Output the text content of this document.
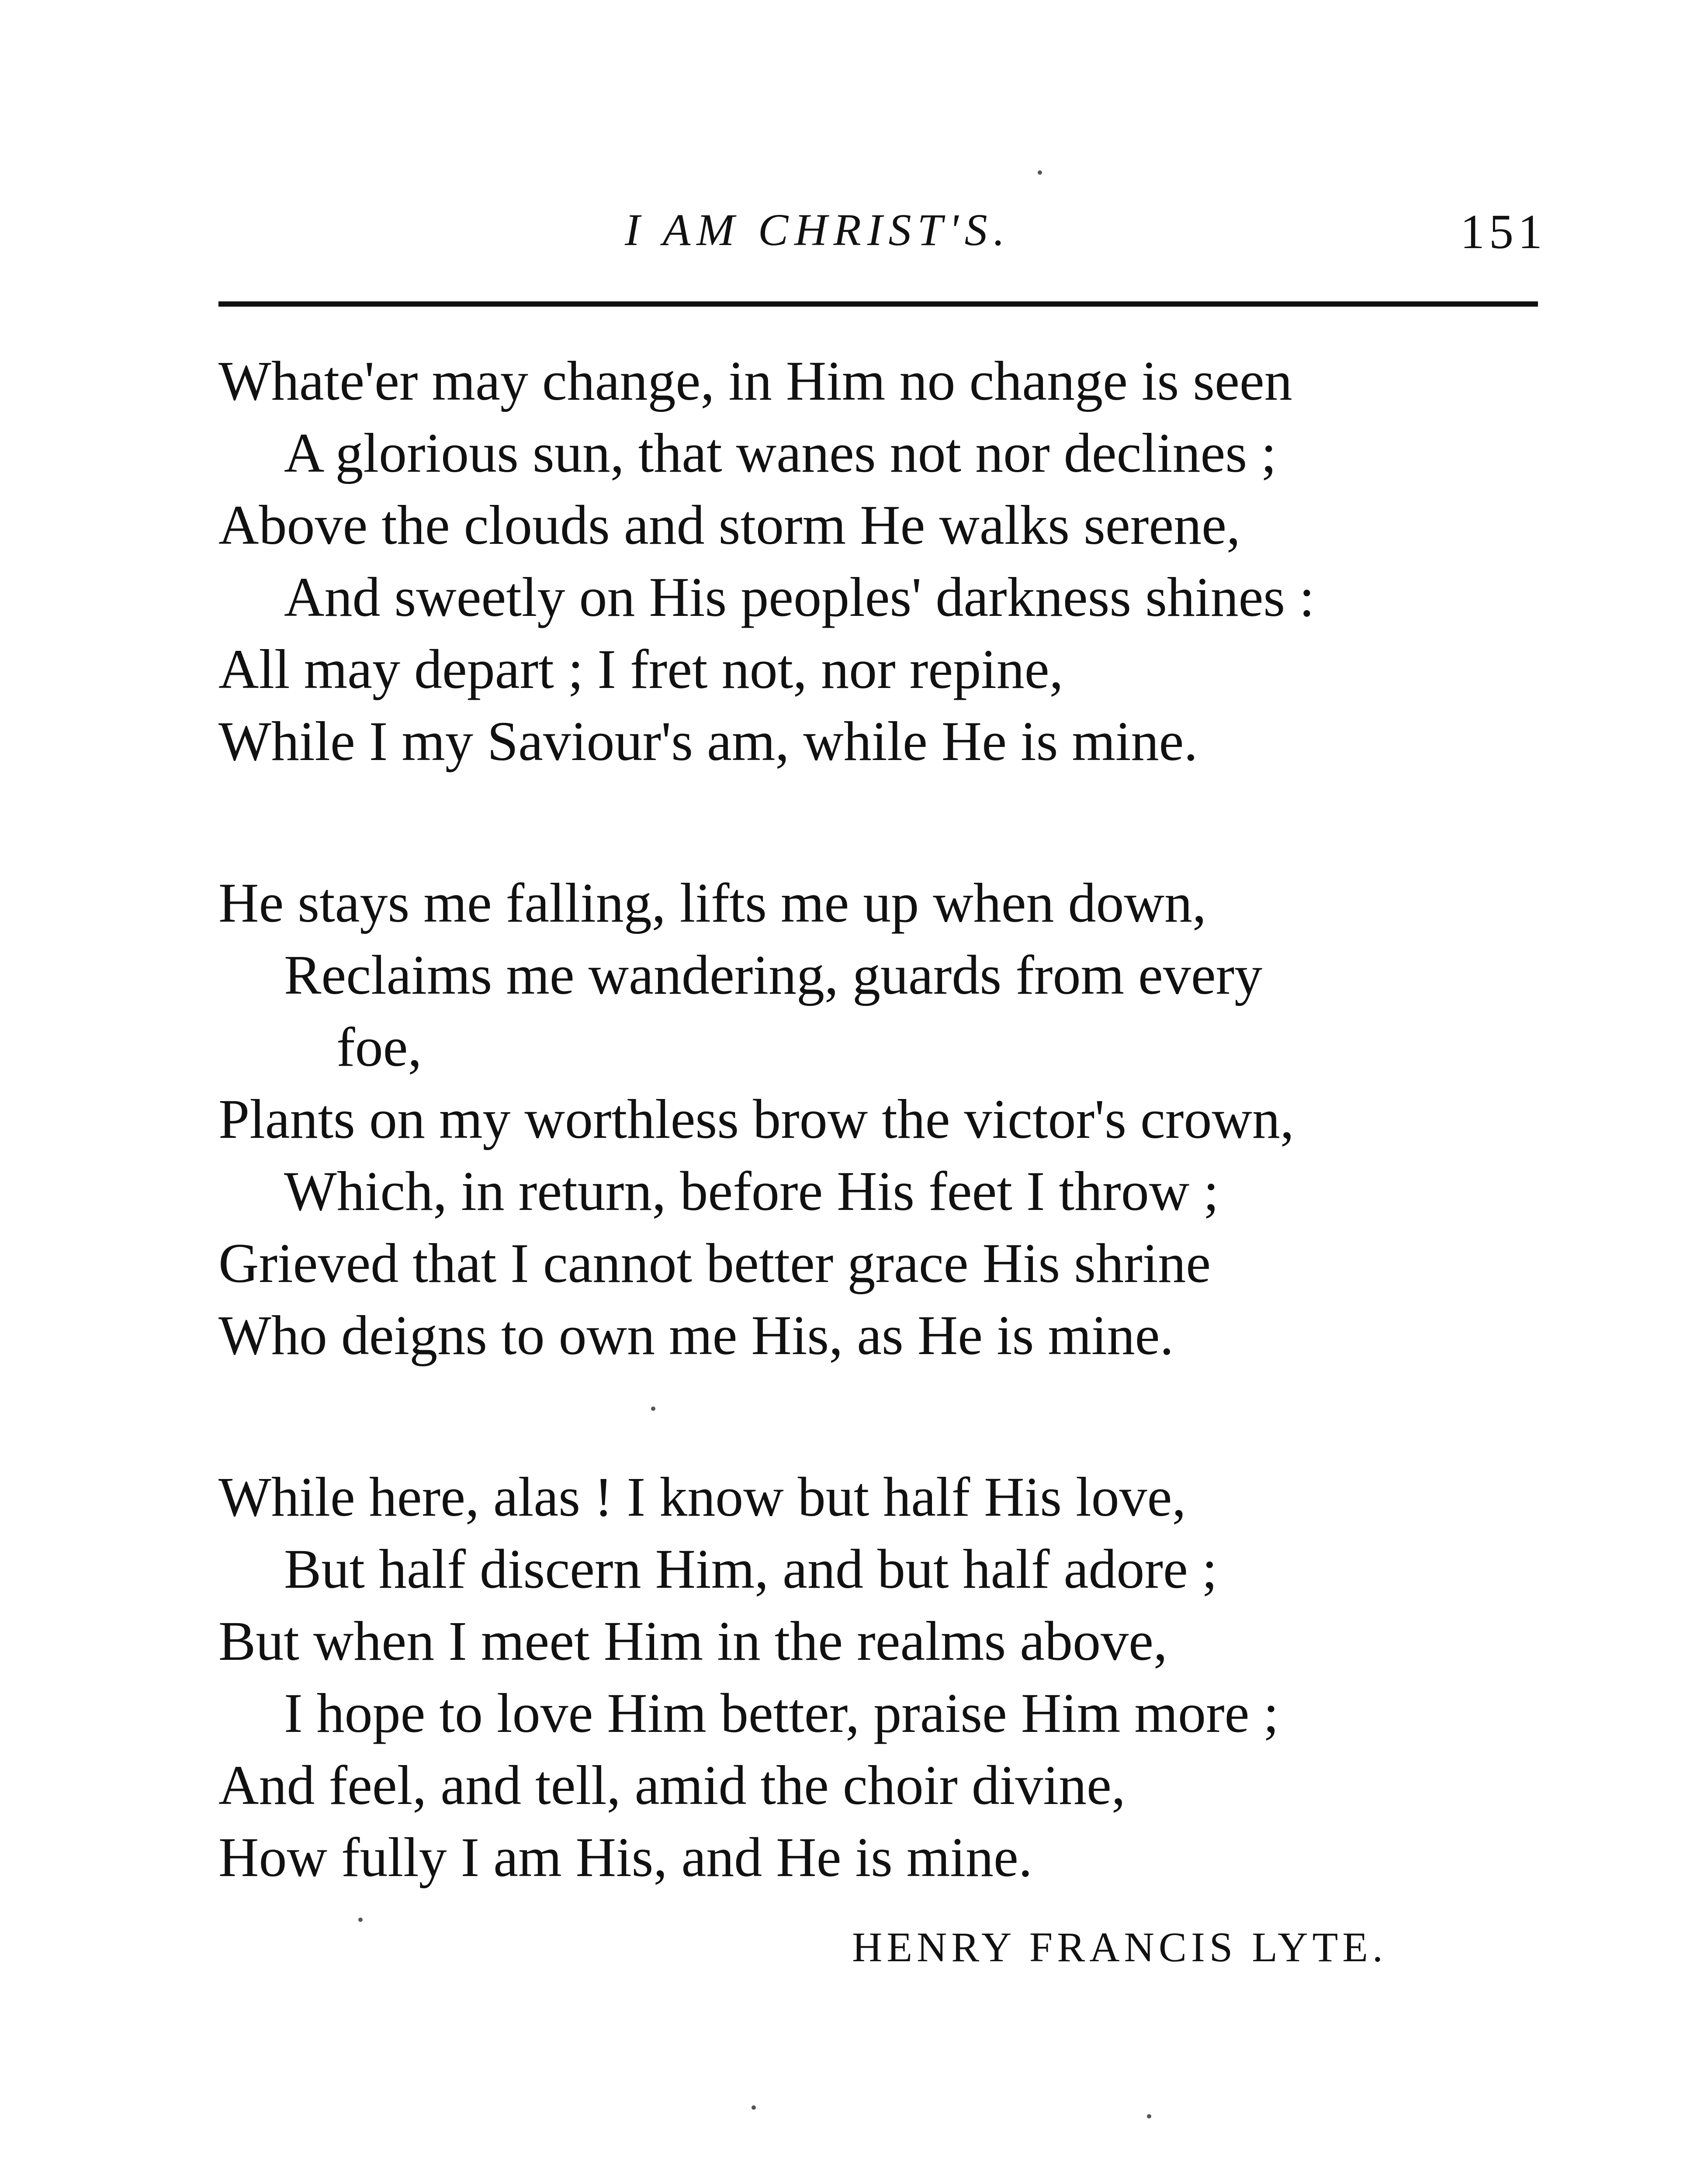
I AM CHRIST'S.	151
Whate'er may change, in Him no change is seen
A glorious sun, that wanes not nor declines ;
Above the clouds and storm He walks serene,
And sweetly on His peoples' darkness shines :
All may depart ; I fret not, nor repine,
While I my Saviour's am, while He is mine.
He stays me falling, lifts me up when down,
Reclaims me wandering, guards from every
foe,
Plants on my worthless brow the victor's crown,
Which, in return, before His feet I throw ;
Grieved that I cannot better grace His shrine
Who deigns to own me His, as He is mine.
While here, alas ! I know but half His love,
But half discern Him, and but half adore ;
But when I meet Him in the realms above,
I hope to love Him better, praise Him more ;
And feel, and tell, amid the choir divine,
How fully I am His, and He is mine.
HENRY FRANCIS LYTE.
